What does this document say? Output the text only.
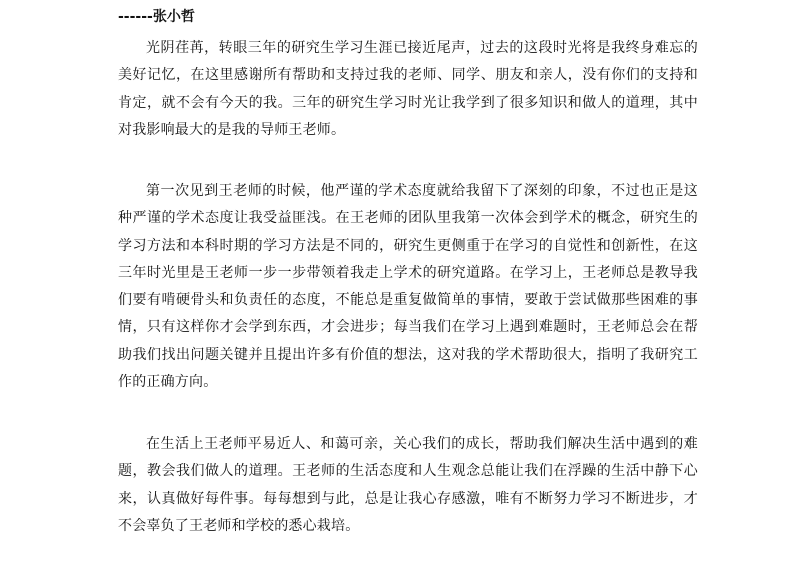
------张小哲

光阴荏苒，转眼三年的研究生学习生涯已接近尾声，过去的这段时光将是我终身难忘的美好记忆，在这里感谢所有帮助和支持过我的老师、同学、朋友和亲人，没有你们的支持和肯定，就不会有今天的我。三年的研究生学习时光让我学到了很多知识和做人的道理，其中对我影响最大的是我的导师王老师。

第一次见到王老师的时候，他严谨的学术态度就给我留下了深刻的印象，不过也正是这种严谨的学术态度让我受益匪浅。在王老师的团队里我第一次体会到学术的概念，研究生的学习方法和本科时期的学习方法是不同的，研究生更侧重于在学习的自觉性和创新性，在这三年时光里是王老师一步一步带领着我走上学术的研究道路。在学习上，王老师总是教导我们要有啃硬骨头和负责任的态度，不能总是重复做简单的事情，要敢于尝试做那些困难的事情，只有这样你才会学到东西，才会进步；每当我们在学习上遇到难题时，王老师总会在帮助我们找出问题关键并且提出许多有价值的想法，这对我的学术帮助很大，指明了我研究工作的正确方向。

在生活上王老师平易近人、和蔼可亲，关心我们的成长，帮助我们解决生活中遇到的难题，教会我们做人的道理。王老师的生活态度和人生观念总能让我们在浮躁的生活中静下心来，认真做好每件事。每每想到与此，总是让我心存感激，唯有不断努力学习不断进步，才不会辜负了王老师和学校的悉心栽培。
